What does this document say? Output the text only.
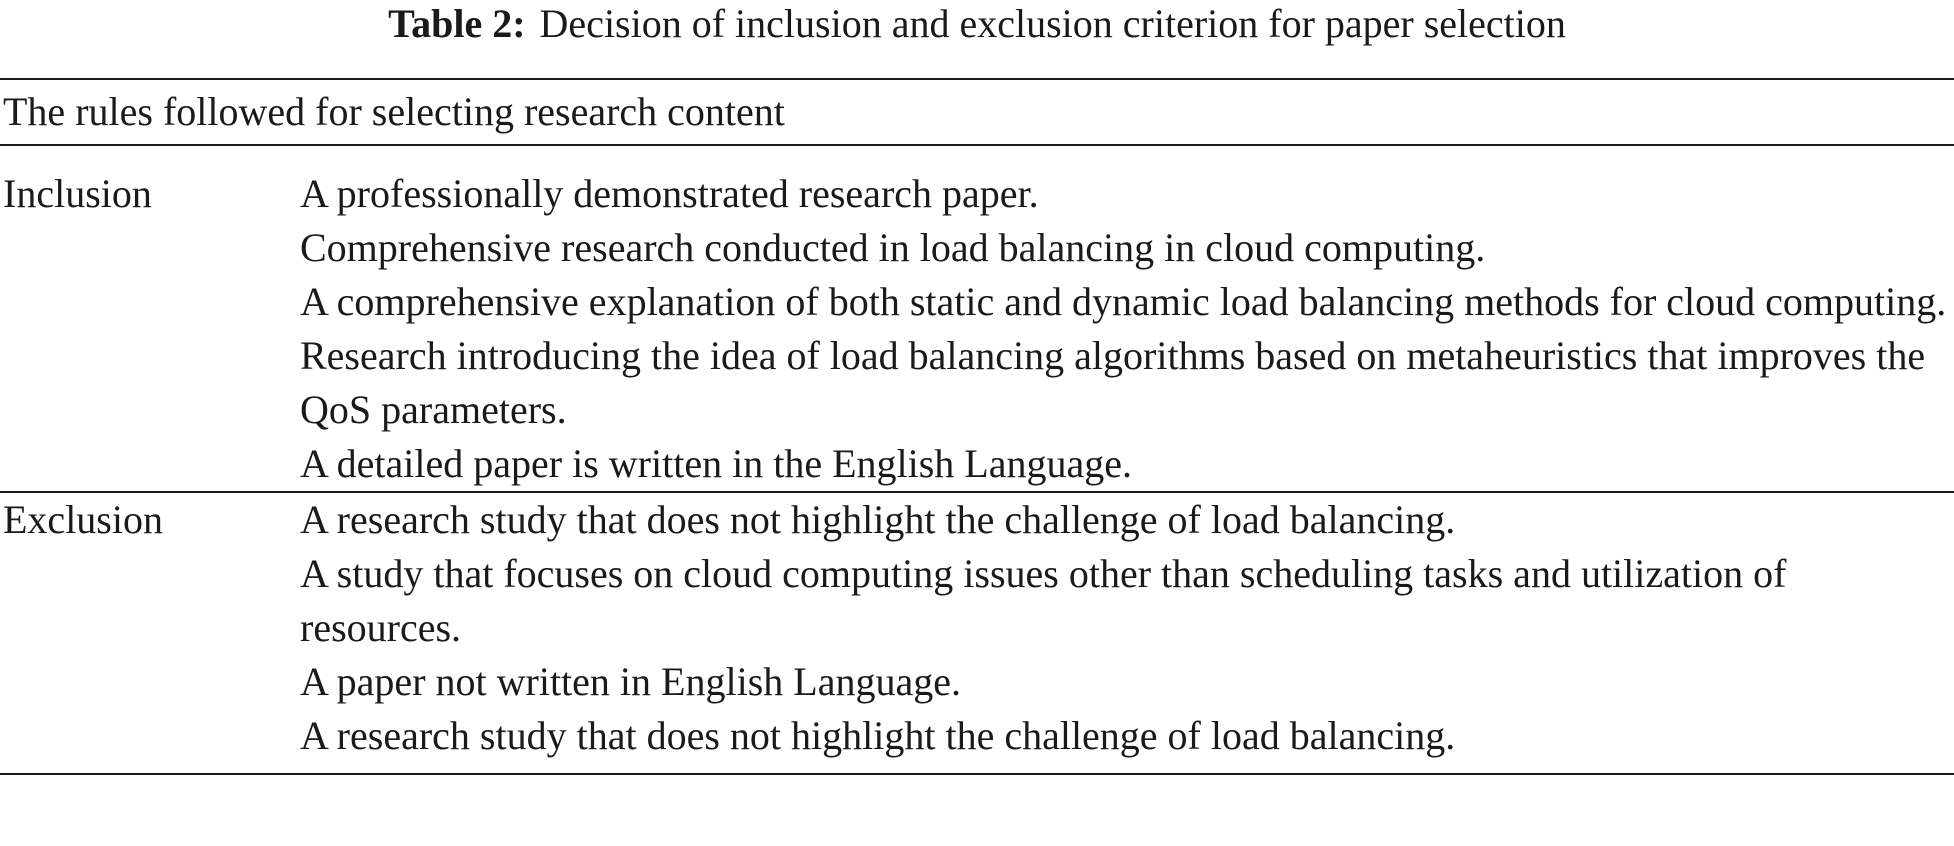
Table 2: Decision of inclusion and exclusion criterion for paper selection
The rules followed for selecting research content
Inclusion	A professionally demonstrated research paper.
Comprehensive research conducted in load balancing in cloud computing.
A comprehensive explanation of both static and dynamic load balancing methods for cloud computing.
Research introducing the idea of load balancing algorithms based on metaheuristics that improves the QoS parameters.
A detailed paper is written in the English Language.
Exclusion	A research study that does not highlight the challenge of load balancing.
A study that focuses on cloud computing issues other than scheduling tasks and utilization of resources.
A paper not written in English Language.
A research study that does not highlight the challenge of load balancing.
